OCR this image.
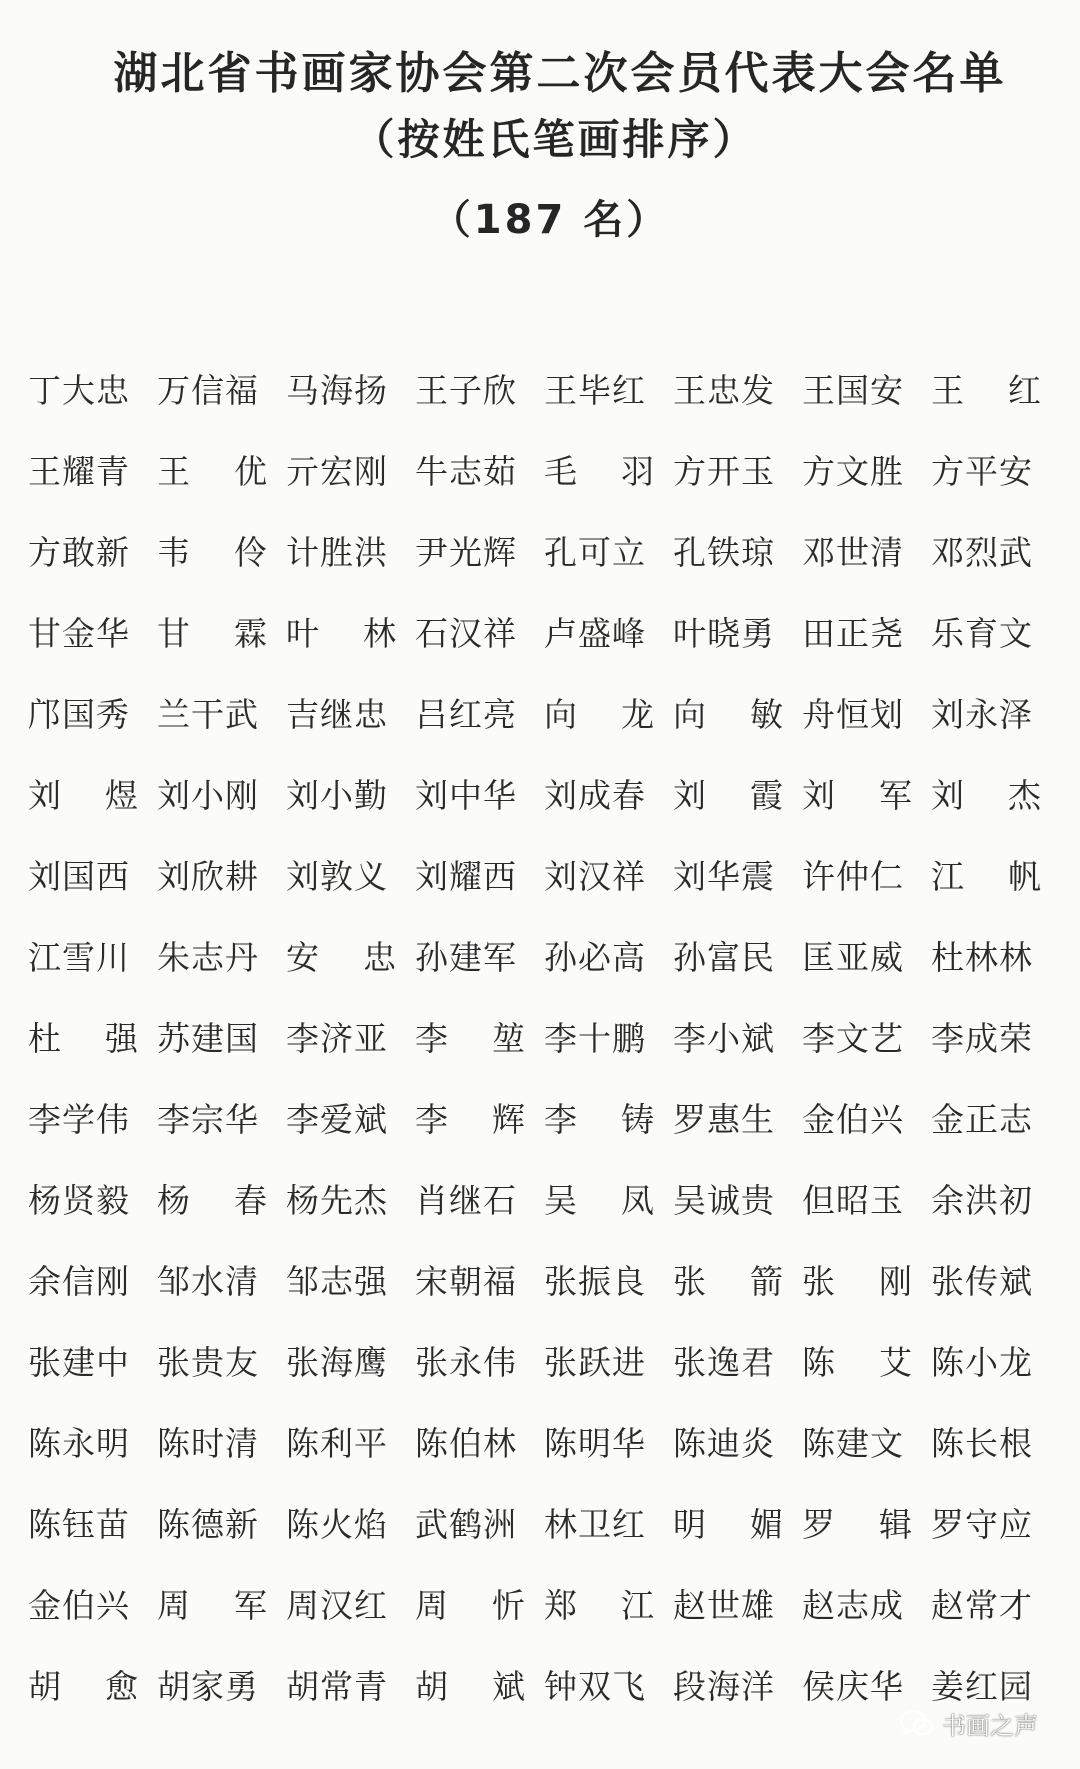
湖北省书画家协会第二次会员代表大会名单
（按姓氏笔画排序）
（187 名）
丁大忠 万信福 马海扬 王子欣 王毕红 王忠发 王国安 王 红
王耀青 王 优 亓宏刚 牛志茹 毛 羽 方开玉 方文胜 方平安
方敢新 韦 伶 计胜洪 尹光辉 孔可立 孔铁琼 邓世清 邓烈武
甘金华 甘 霖 叶 林 石汉祥 卢盛峰 叶晓勇 田正尧 乐育文
邝国秀 兰干武 吉继忠 吕红亮 向 龙 向 敏 舟恒划 刘永泽
刘 煜 刘小刚 刘小勤 刘中华 刘成春 刘 霞 刘 军 刘 杰
刘国西 刘欣耕 刘敦义 刘耀西 刘汉祥 刘华震 许仲仁 江 帆
江雪川 朱志丹 安 忠 孙建军 孙必高 孙富民 匡亚威 杜林林
杜 强 苏建国 李济亚 李 堃 李十鹏 李小斌 李文艺 李成荣
李学伟 李宗华 李爱斌 李 辉 李 铸 罗惠生 金伯兴 金正志
杨贤毅 杨 春 杨先杰 肖继石 吴 凤 吴诚贵 但昭玉 余洪初
余信刚 邹水清 邹志强 宋朝福 张振良 张 箭 张 刚 张传斌
张建中 张贵友 张海鹰 张永伟 张跃进 张逸君 陈 艾 陈小龙
陈永明 陈时清 陈利平 陈伯林 陈明华 陈迪炎 陈建文 陈长根
陈钰苗 陈德新 陈火焰 武鹤洲 林卫红 明 媚 罗 辑 罗守应
金伯兴 周 军 周汉红 周 忻 郑 江 赵世雄 赵志成 赵常才
胡 愈 胡家勇 胡常青 胡 斌 钟双飞 段海洋 侯庆华 姜红园
书画之声
